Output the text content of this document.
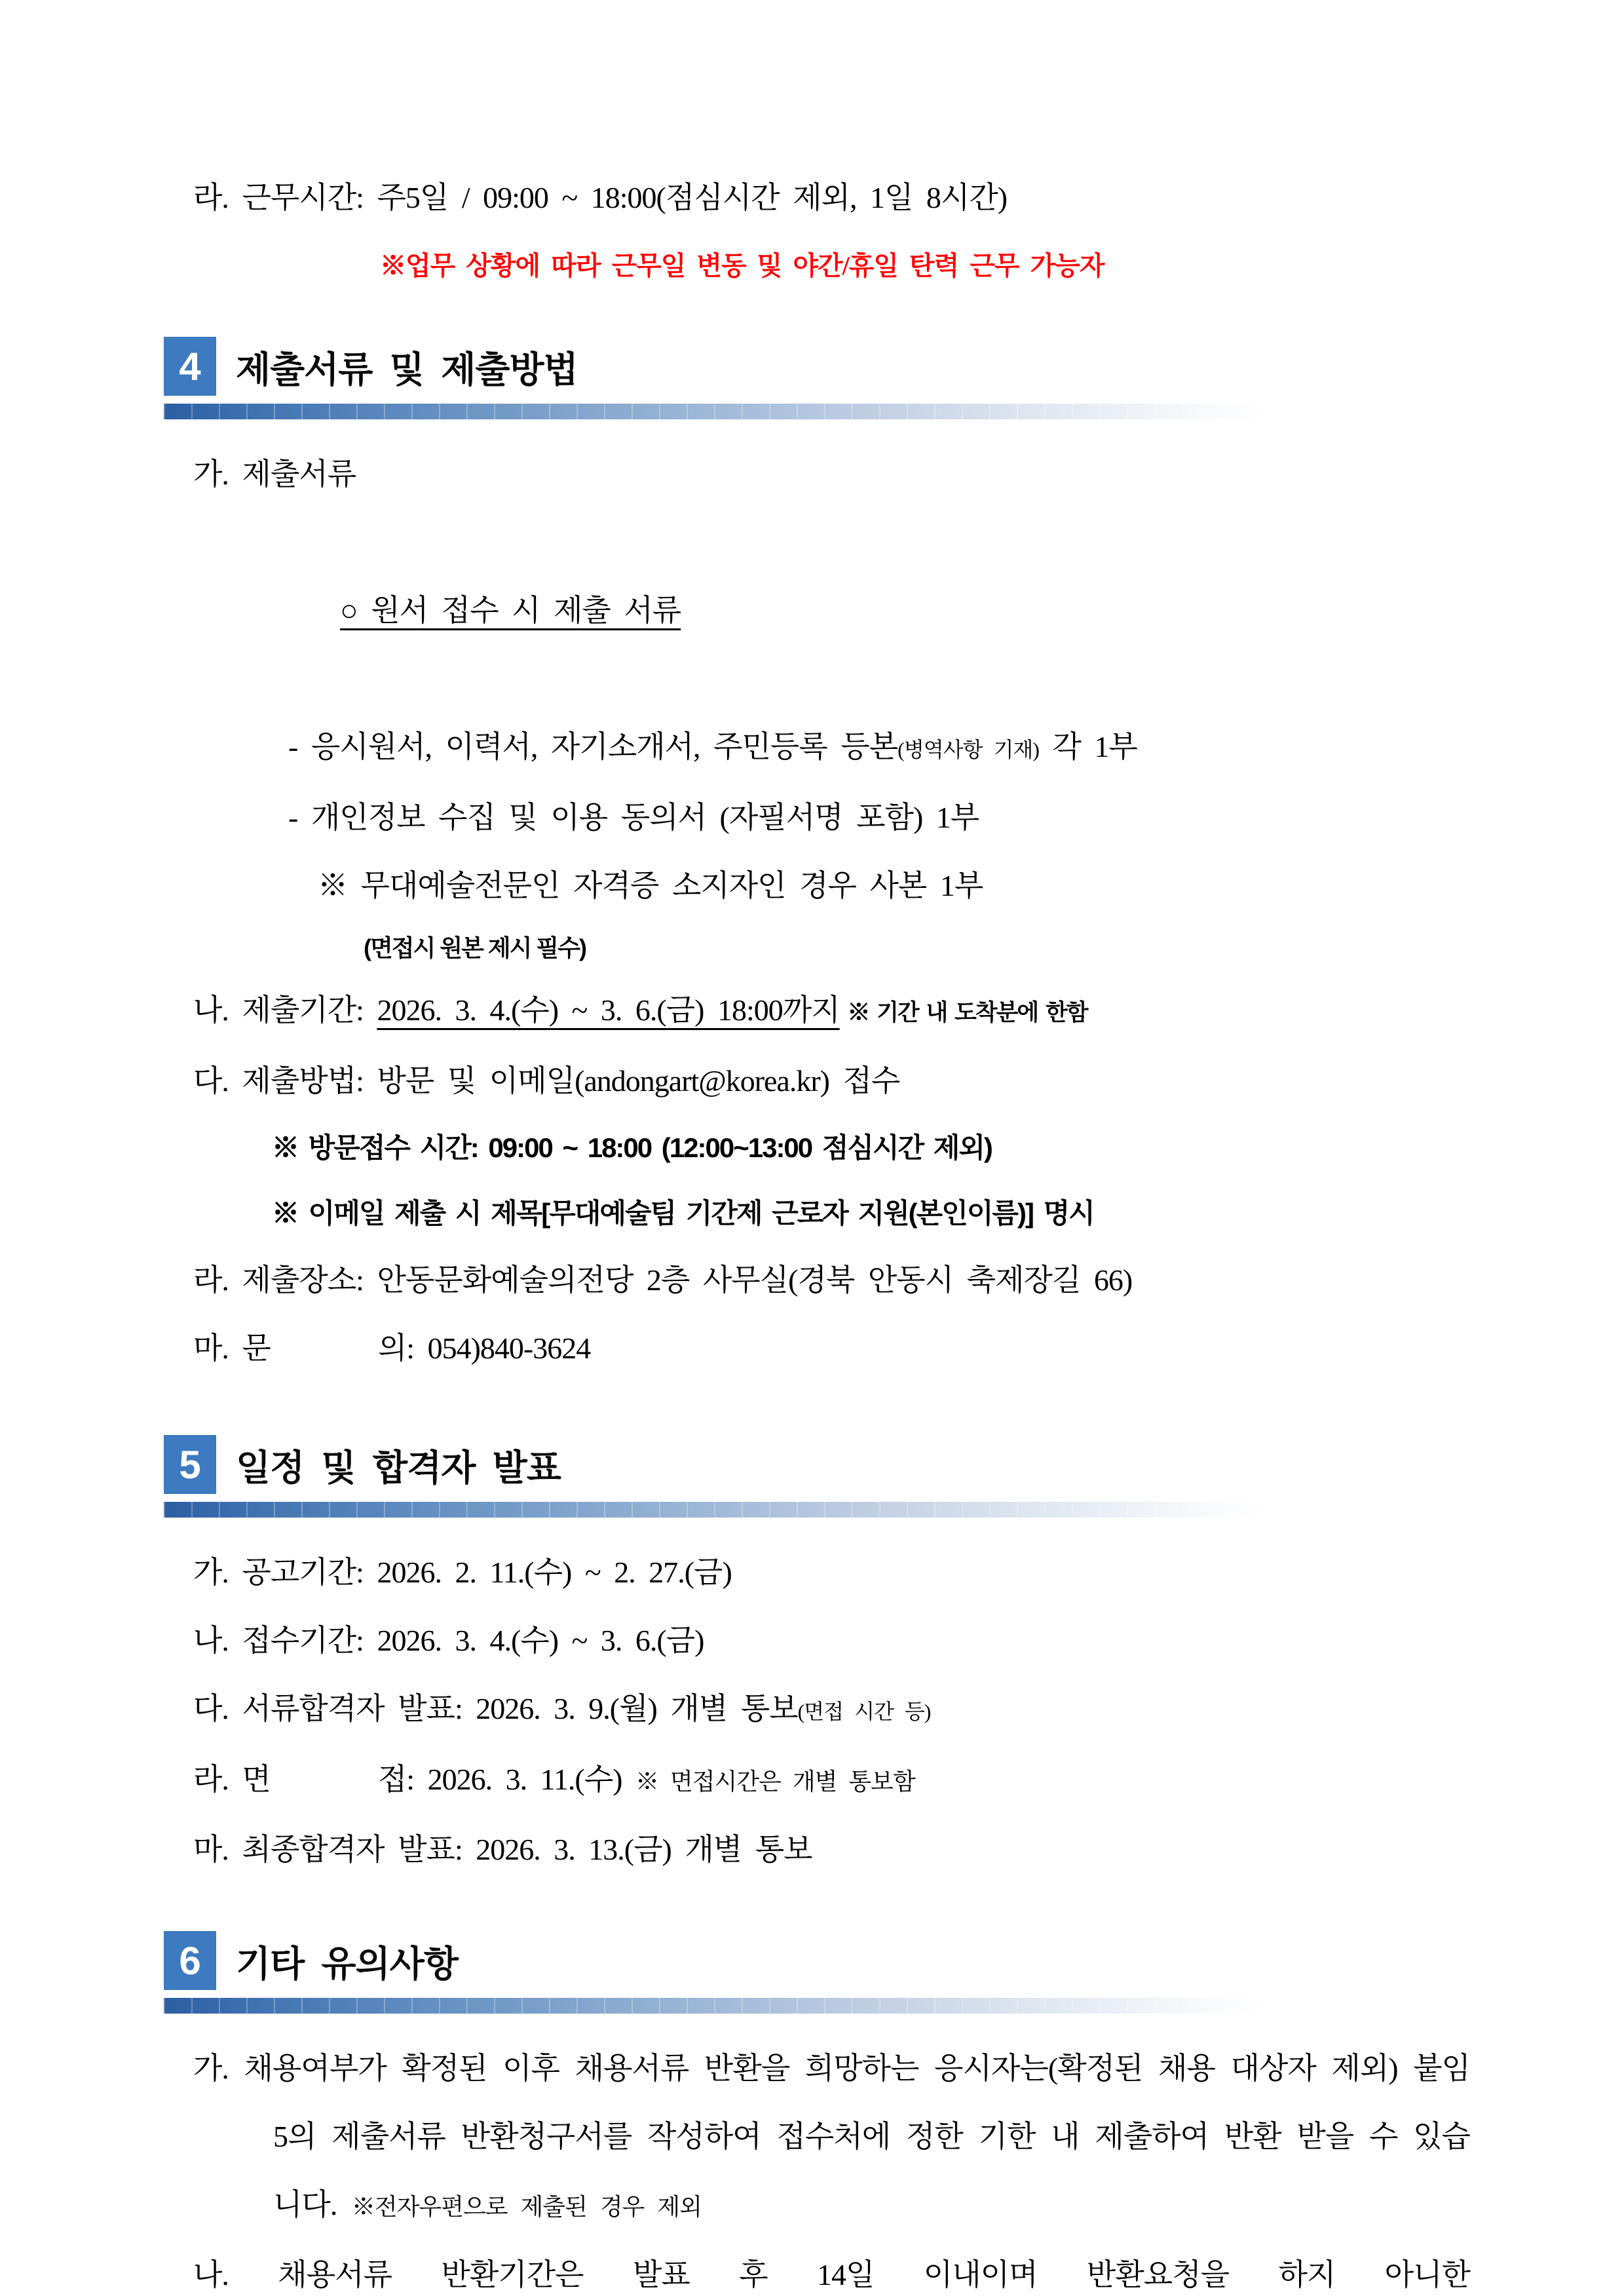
라. 근무시간: 주5일 / 09:00 ~ 18:00(점심시간 제외, 1일 8시간)
※업무 상황에 따라 근무일 변동 및 야간/휴일 탄력 근무 가능자
4 제출서류 및 제출방법
가. 제출서류

○ 원서 접수 시 제출 서류

- 응시원서, 이력서, 자기소개서, 주민등록 등본(병역사항 기재) 각 1부
- 개인정보 수집 및 이용 동의서 (자필서명 포함) 1부
※ 무대예술전문인 자격증 소지자인 경우 사본 1부
(면접시 원본 제시 필수)
나. 제출기간: 2026. 3. 4.(수) ~ 3. 6.(금) 18:00까지 ※ 기간 내 도착분에 한함
다. 제출방법: 방문 및 이메일(andongart@korea.kr) 접수
※ 방문접수 시간: 09:00 ~ 18:00 (12:00~13:00 점심시간 제외)
※ 이메일 제출 시 제목[무대예술팀 기간제 근로자 지원(본인이름)] 명시
라. 제출장소: 안동문화예술의전당 2층 사무실(경북 안동시 축제장길 66)
마. 문        의: 054)840-3624
5 일정 및 합격자 발표
가. 공고기간: 2026. 2. 11.(수) ~ 2. 27.(금)
나. 접수기간: 2026. 3. 4.(수) ~ 3. 6.(금)
다. 서류합격자 발표: 2026. 3. 9.(월) 개별 통보(면접 시간 등)
라. 면        접: 2026. 3. 11.(수) ※ 면접시간은 개별 통보함
마. 최종합격자 발표: 2026. 3. 13.(금) 개별 통보
6 기타 유의사항
가. 채용여부가 확정된 이후 채용서류 반환을 희망하는 응시자는(확정된 채용 대상자 제외) 붙임5의 제출서류 반환청구서를 작성하여 접수처에 정한 기한 내 제출하여 반환 받을 수 있습니다. ※전자우편으로 제출된 경우 제외
나. 채용서류 반환기간은 발표 후 14일 이내이며 반환요청을 하지 아니한
